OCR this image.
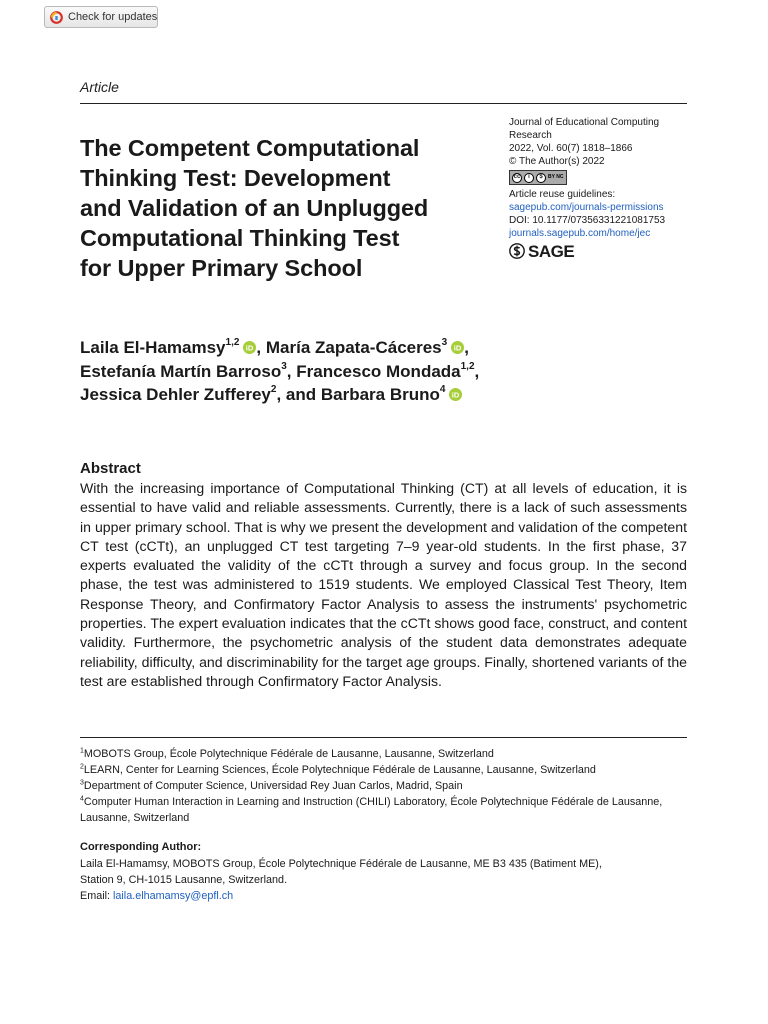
Check for updates
Article
The Competent Computational
Thinking Test: Development
and Validation of an Unplugged
Computational Thinking Test
for Upper Primary School
Journal of Educational Computing
Research
2022, Vol. 60(7) 1818–1866
© The Author(s) 2022
cc	i	$	BY NC
Article reuse guidelines:
sagepub.com/journals-permissions
DOI: 10.1177/07356331221081753
journals.sagepub.com/home/jec
SAGE
Laila El-Hamamsy$^{1,2}$ iD , María Zapata-Cáceres$^3$ iD ,
Estefanía Martín Barroso$^3$, Francesco Mondada$^{1,2}$,
Jessica Dehler Zufferey$^2$, and Barbara Bruno$^4$ iD
Abstract
With the increasing importance of Computational Thinking (CT) at all levels of education, it is essential to have valid and reliable assessments. Currently, there is a lack of such assessments in upper primary school. That is why we present the development and validation of the competent CT test (cCTt), an unplugged CT test targeting 7–9 year-old students. In the first phase, 37 experts evaluated the validity of the cCTt through a survey and focus group. In the second phase, the test was administered to 1519 students. We employed Classical Test Theory, Item Response Theory, and Confirmatory Factor Analysis to assess the instruments' psychometric properties. The expert evaluation indicates that the cCTt shows good face, construct, and content validity. Furthermore, the psychometric analysis of the student data demonstrates adequate reliability, difficulty, and discriminability for the target age groups. Finally, shortened variants of the test are established through Confirmatory Factor Analysis.
$^1$MOBOTS Group, École Polytechnique Fédérale de Lausanne, Lausanne, Switzerland
$^2$LEARN, Center for Learning Sciences, École Polytechnique Fédérale de Lausanne, Lausanne, Switzerland
$^3$Department of Computer Science, Universidad Rey Juan Carlos, Madrid, Spain
$^4$Computer Human Interaction in Learning and Instruction (CHILI) Laboratory, École Polytechnique Fédérale de Lausanne, Lausanne, Switzerland
Corresponding Author:
Laila El-Hamamsy, MOBOTS Group, École Polytechnique Fédérale de Lausanne, ME B3 435 (Batiment ME),
Station 9, CH-1015 Lausanne, Switzerland.
Email: laila.elhamamsy@epfl.ch
